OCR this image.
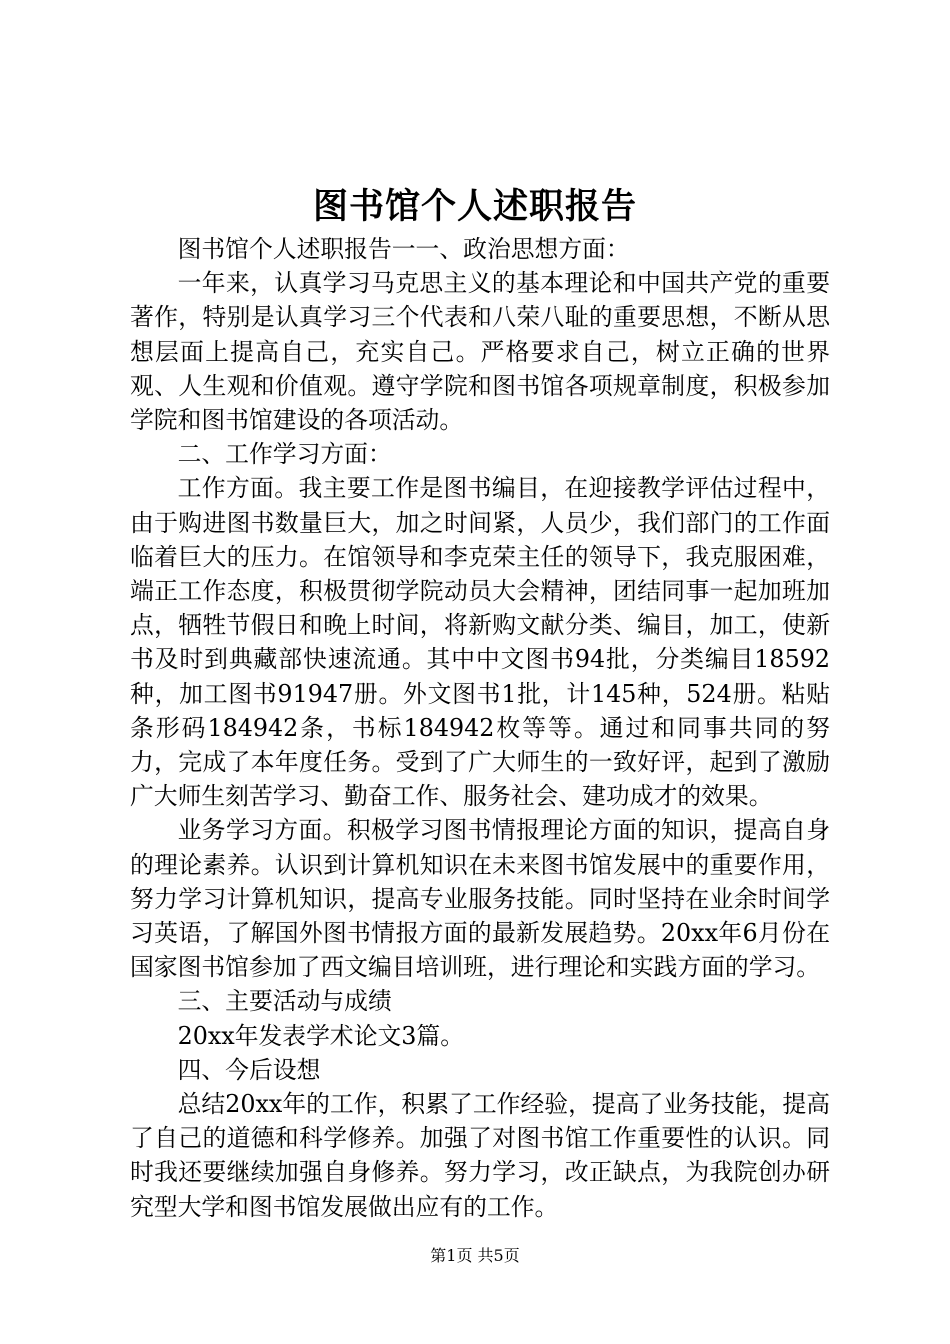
图书馆个人述职报告

图书馆个人述职报告一一、政治思想方面：

一年来，认真学习马克思主义的基本理论和中国共产党的重要著作，特别是认真学习三个代表和八荣八耻的重要思想，不断从思想层面上提高自己，充实自己。严格要求自己，树立正确的世界观、人生观和价值观。遵守学院和图书馆各项规章制度，积极参加学院和图书馆建设的各项活动。

二、工作学习方面：

工作方面。我主要工作是图书编目，在迎接教学评估过程中，由于购进图书数量巨大，加之时间紧，人员少，我们部门的工作面临着巨大的压力。在馆领导和李克荣主任的领导下，我克服困难，端正工作态度，积极贯彻学院动员大会精神，团结同事一起加班加点，牺牲节假日和晚上时间，将新购文献分类、编目，加工，使新书及时到典藏部快速流通。其中中文图书94批，分类编目18592种，加工图书91947册。外文图书1批，计145种，524册。粘贴条形码184942条，书标184942枚等等。通过和同事共同的努力，完成了本年度任务。受到了广大师生的一致好评，起到了激励广大师生刻苦学习、勤奋工作、服务社会、建功成才的效果。

业务学习方面。积极学习图书情报理论方面的知识，提高自身的理论素养。认识到计算机知识在未来图书馆发展中的重要作用，努力学习计算机知识，提高专业服务技能。同时坚持在业余时间学习英语，了解国外图书情报方面的最新发展趋势。20xx年6月份在国家图书馆参加了西文编目培训班，进行理论和实践方面的学习。

三、主要活动与成绩

20xx年发表学术论文3篇。

四、今后设想

总结20xx年的工作，积累了工作经验，提高了业务技能，提高了自己的道德和科学修养。加强了对图书馆工作重要性的认识。同时我还要继续加强自身修养。努力学习，改正缺点，为我院创办研究型大学和图书馆发展做出应有的工作。

第1页 共5页
